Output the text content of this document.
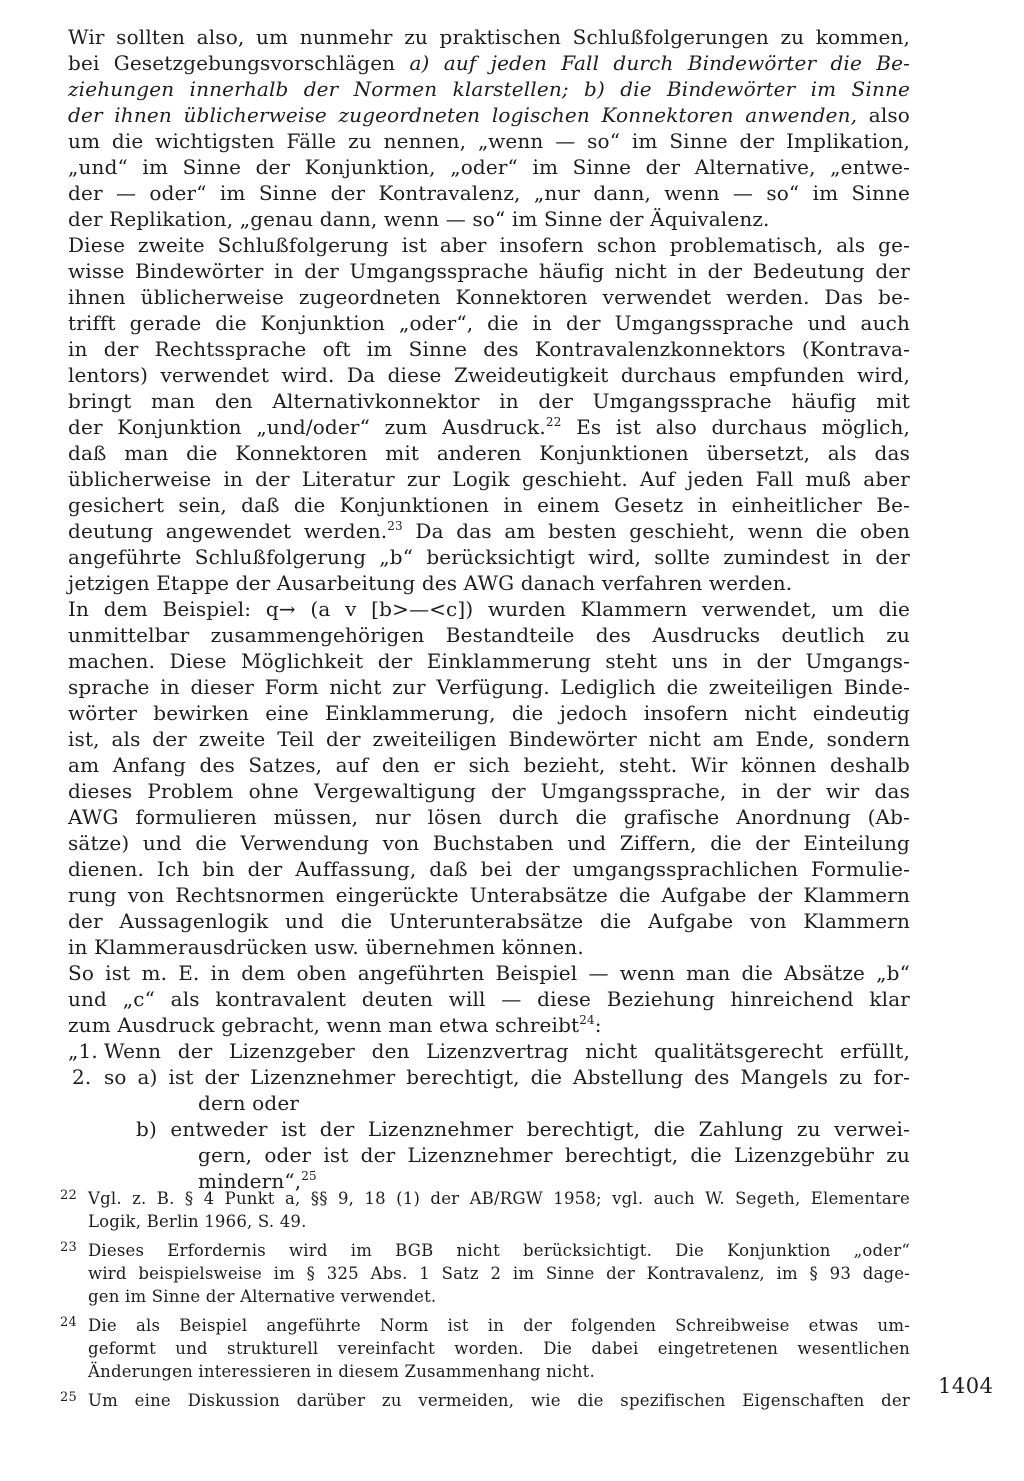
Wir sollten also, um nunmehr zu praktischen Schlußfolgerungen zu kommen,
bei Gesetzgebungsvorschlägen a) auf jeden Fall durch Bindewörter die Be-
ziehungen innerhalb der Normen klarstellen; b) die Bindewörter im Sinne
der ihnen üblicherweise zugeordneten logischen Konnektoren anwenden, also
um die wichtigsten Fälle zu nennen, „wenn — so“ im Sinne der Implikation,
„und“ im Sinne der Konjunktion, „oder“ im Sinne der Alternative, „entwe-
der — oder“ im Sinne der Kontravalenz, „nur dann, wenn — so“ im Sinne
der Replikation, „genau dann, wenn — so“ im Sinne der Äquivalenz.
Diese zweite Schlußfolgerung ist aber insofern schon problematisch, als ge-
wisse Bindewörter in der Umgangssprache häufig nicht in der Bedeutung der
ihnen üblicherweise zugeordneten Konnektoren verwendet werden. Das be-
trifft gerade die Konjunktion „oder“, die in der Umgangssprache und auch
in der Rechtssprache oft im Sinne des Kontravalenzkonnektors (Kontrava-
lentors) verwendet wird. Da diese Zweideutigkeit durchaus empfunden wird,
bringt man den Alternativkonnektor in der Umgangssprache häufig mit
der Konjunktion „und/oder“ zum Ausdruck.$^{22}$ Es ist also durchaus möglich,
daß man die Konnektoren mit anderen Konjunktionen übersetzt, als das
üblicherweise in der Literatur zur Logik geschieht. Auf jeden Fall muß aber
gesichert sein, daß die Konjunktionen in einem Gesetz in einheitlicher Be-
deutung angewendet werden.$^{23}$ Da das am besten geschieht, wenn die oben
angeführte Schlußfolgerung „b“ berücksichtigt wird, sollte zumindest in der
jetzigen Etappe der Ausarbeitung des AWG danach verfahren werden.
In dem Beispiel: q→ (a v [b>—<c]) wurden Klammern verwendet, um die
unmittelbar zusammengehörigen Bestandteile des Ausdrucks deutlich zu
machen. Diese Möglichkeit der Einklammerung steht uns in der Umgangs-
sprache in dieser Form nicht zur Verfügung. Lediglich die zweiteiligen Binde-
wörter bewirken eine Einklammerung, die jedoch insofern nicht eindeutig
ist, als der zweite Teil der zweiteiligen Bindewörter nicht am Ende, sondern
am Anfang des Satzes, auf den er sich bezieht, steht. Wir können deshalb
dieses Problem ohne Vergewaltigung der Umgangssprache, in der wir das
AWG formulieren müssen, nur lösen durch die grafische Anordnung (Ab-
sätze) und die Verwendung von Buchstaben und Ziffern, die der Einteilung
dienen. Ich bin der Auffassung, daß bei der umgangssprachlichen Formulie-
rung von Rechtsnormen eingerückte Unterabsätze die Aufgabe der Klammern
der Aussagenlogik und die Unterunterabsätze die Aufgabe von Klammern
in Klammerausdrücken usw. übernehmen können.
So ist m. E. in dem oben angeführten Beispiel — wenn man die Absätze „b“
und „c“ als kontravalent deuten will — diese Beziehung hinreichend klar
zum Ausdruck gebracht, wenn man etwa schreibt$^{24}$:
„1. Wenn der Lizenzgeber den Lizenzvertrag nicht qualitätsgerecht erfüllt,
2. so a) ist der Lizenznehmer berechtigt, die Abstellung des Mangels zu for-
dern oder
b) entweder ist der Lizenznehmer berechtigt, die Zahlung zu verwei-
gern, oder ist der Lizenznehmer berechtigt, die Lizenzgebühr zu
mindern“,$^{25}$
22 Vgl. z. B. § 4 Punkt a, §§ 9, 18 (1) der AB/RGW 1958; vgl. auch W. Segeth, Elementare
Logik, Berlin 1966, S. 49.
23 Dieses Erfordernis wird im BGB nicht berücksichtigt. Die Konjunktion „oder“
wird beispielsweise im § 325 Abs. 1 Satz 2 im Sinne der Kontravalenz, im § 93 dage-
gen im Sinne der Alternative verwendet.
24 Die als Beispiel angeführte Norm ist in der folgenden Schreibweise etwas um-
geformt und strukturell vereinfacht worden. Die dabei eingetretenen wesentlichen
Änderungen interessieren in diesem Zusammenhang nicht.
25 Um eine Diskussion darüber zu vermeiden, wie die spezifischen Eigenschaften der
1404
